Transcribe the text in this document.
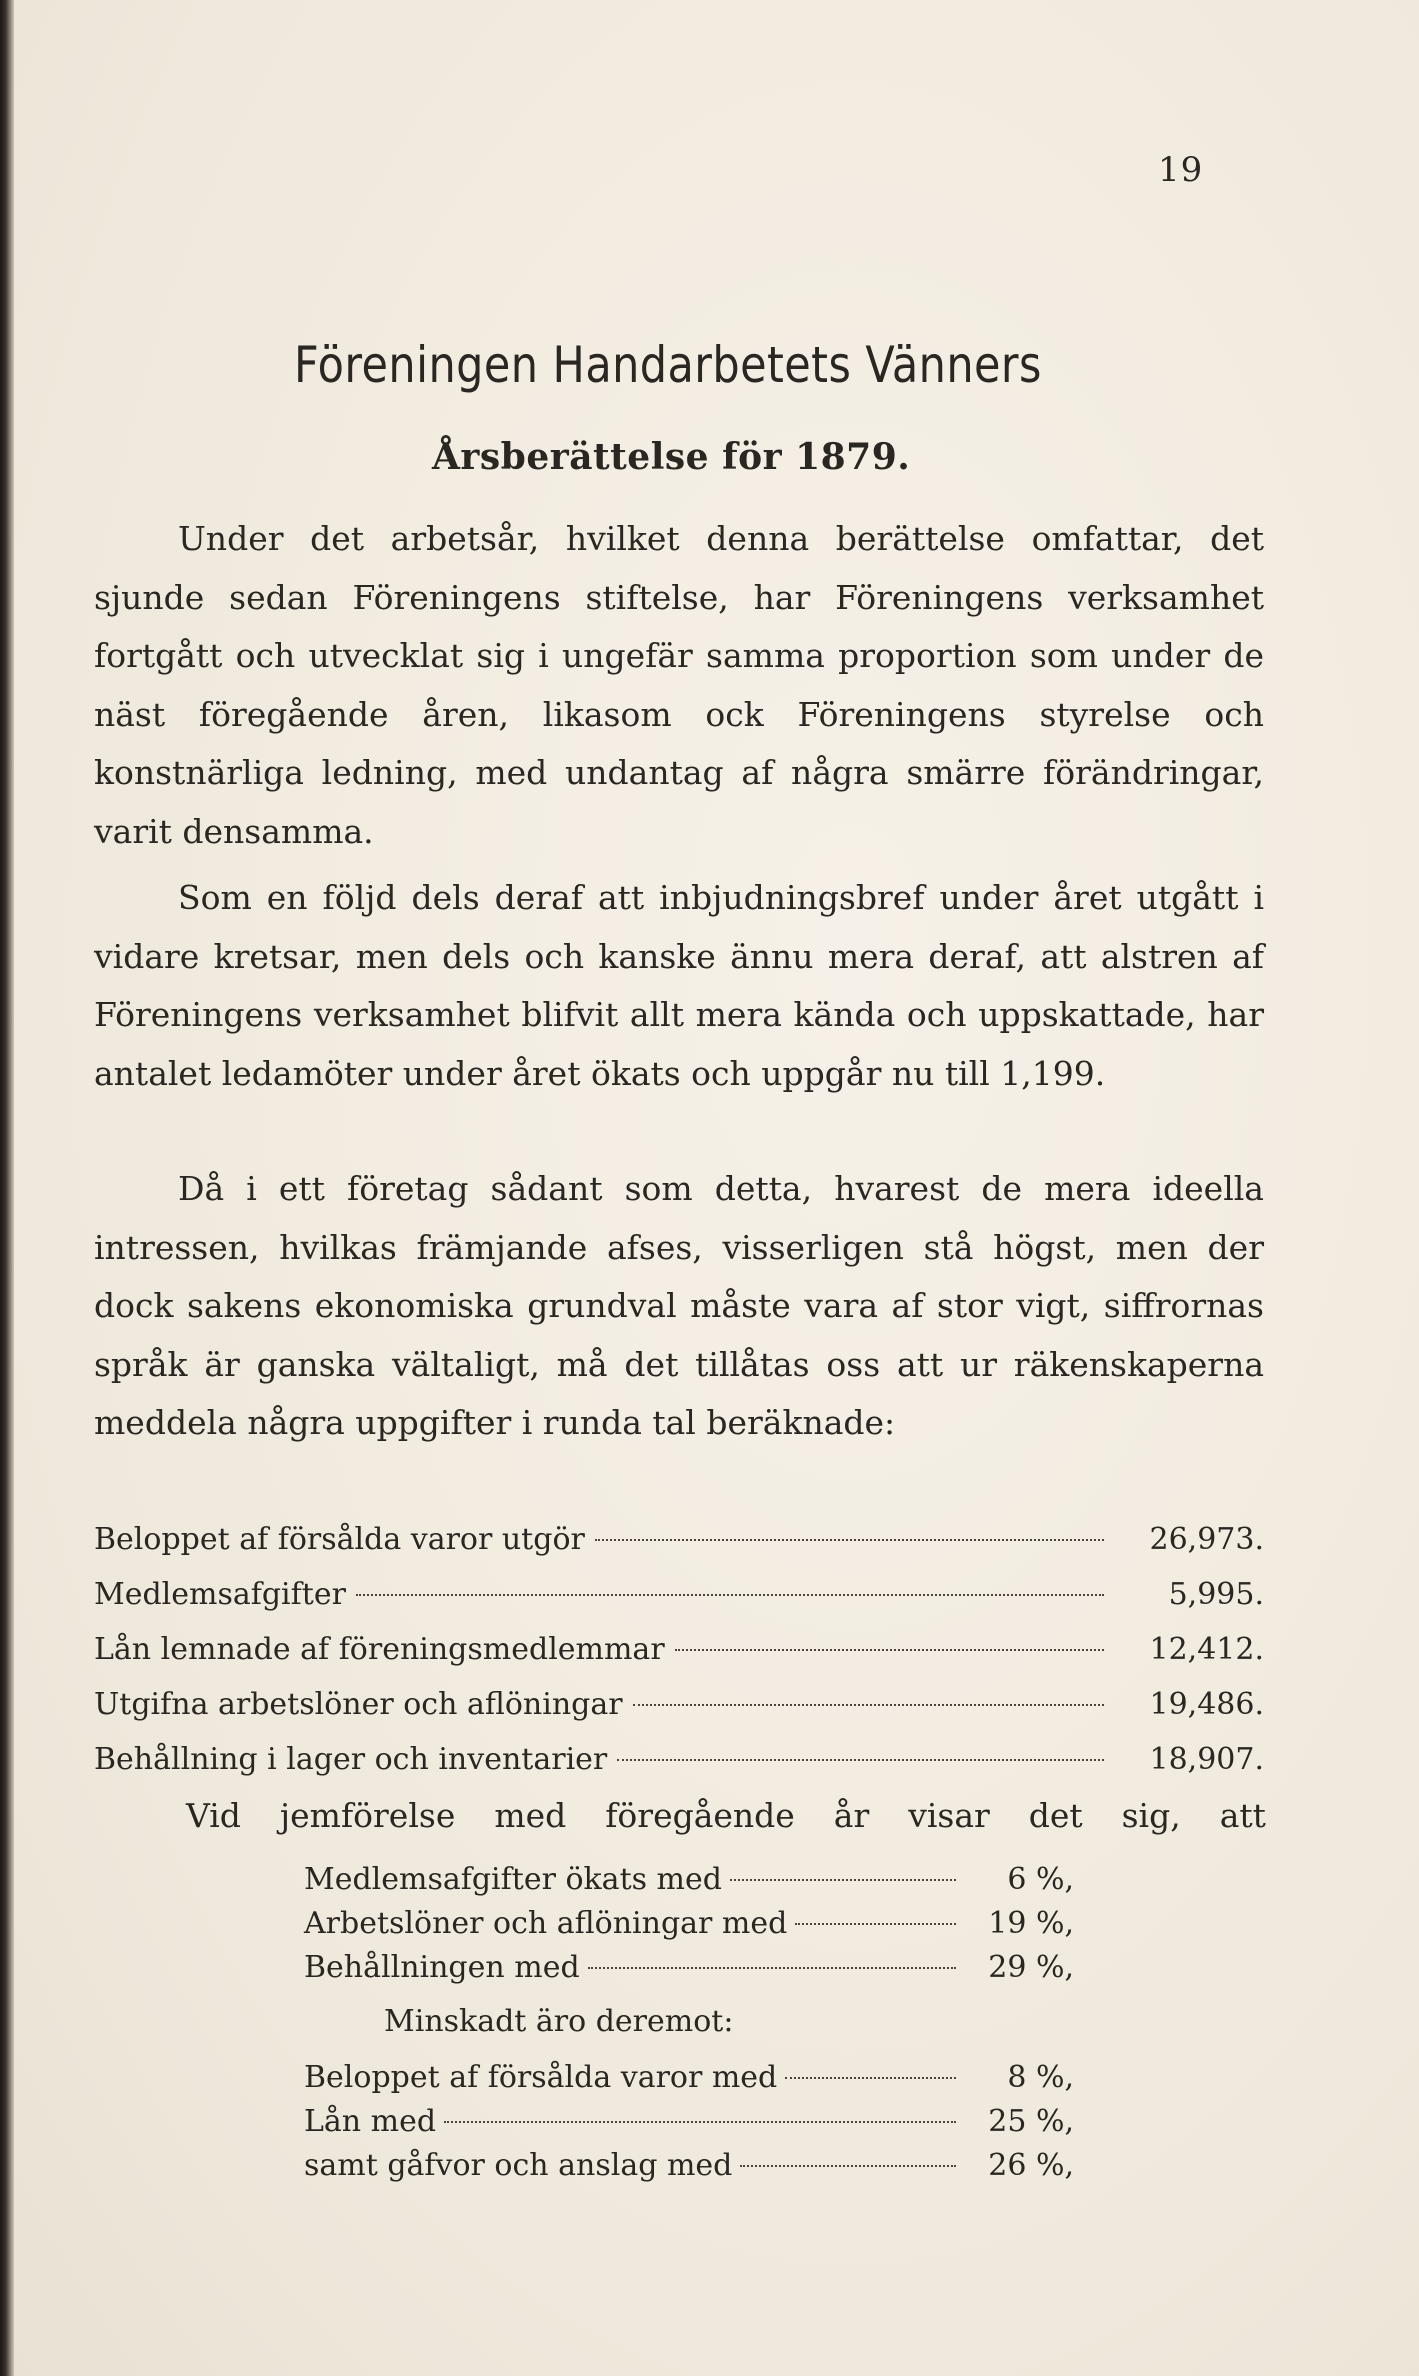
19
Föreningen Handarbetets Vänners
Årsberättelse för 1879.

Under det arbetsår, hvilket denna berättelse omfattar, det sjunde sedan Föreningens stiftelse, har Föreningens verksamhet fortgått och utvecklat sig i ungefär samma proportion som under de näst föregående åren, likasom ock Föreningens styrelse och konstnärliga ledning, med undantag af några smärre förändringar, varit densamma.

Som en följd dels deraf att inbjudningsbref under året utgått i vidare kretsar, men dels och kanske ännu mera deraf, att alstren af Föreningens verksamhet blifvit allt mera kända och uppskattade, har antalet ledamöter under året ökats och uppgår nu till 1,199.

Då i ett företag sådant som detta, hvarest de mera ideella intressen, hvilkas främjande afses, visserligen stå högst, men der dock sakens ekonomiska grundval måste vara af stor vigt, siffrornas språk är ganska vältaligt, må det tillåtas oss att ur räkenskaperna meddela några uppgifter i runda tal beräknade:

Beloppet af försålda varor utgör	26,973.
Medlemsafgifter	5,995.
Lån lemnade af föreningsmedlemmar	12,412.
Utgifna arbetslöner och aflöningar	19,486.
Behållning i lager och inventarier	18,907.
Vid jemförelse med föregående år visar det sig, att
Medlemsafgifter ökats med	6 %,
Arbetslöner och aflöningar med	19 %,
Behållningen med	29 %,
Minskadt äro deremot:
Beloppet af försålda varor med	8 %,
Lån med	25 %,
samt gåfvor och anslag med	26 %,
